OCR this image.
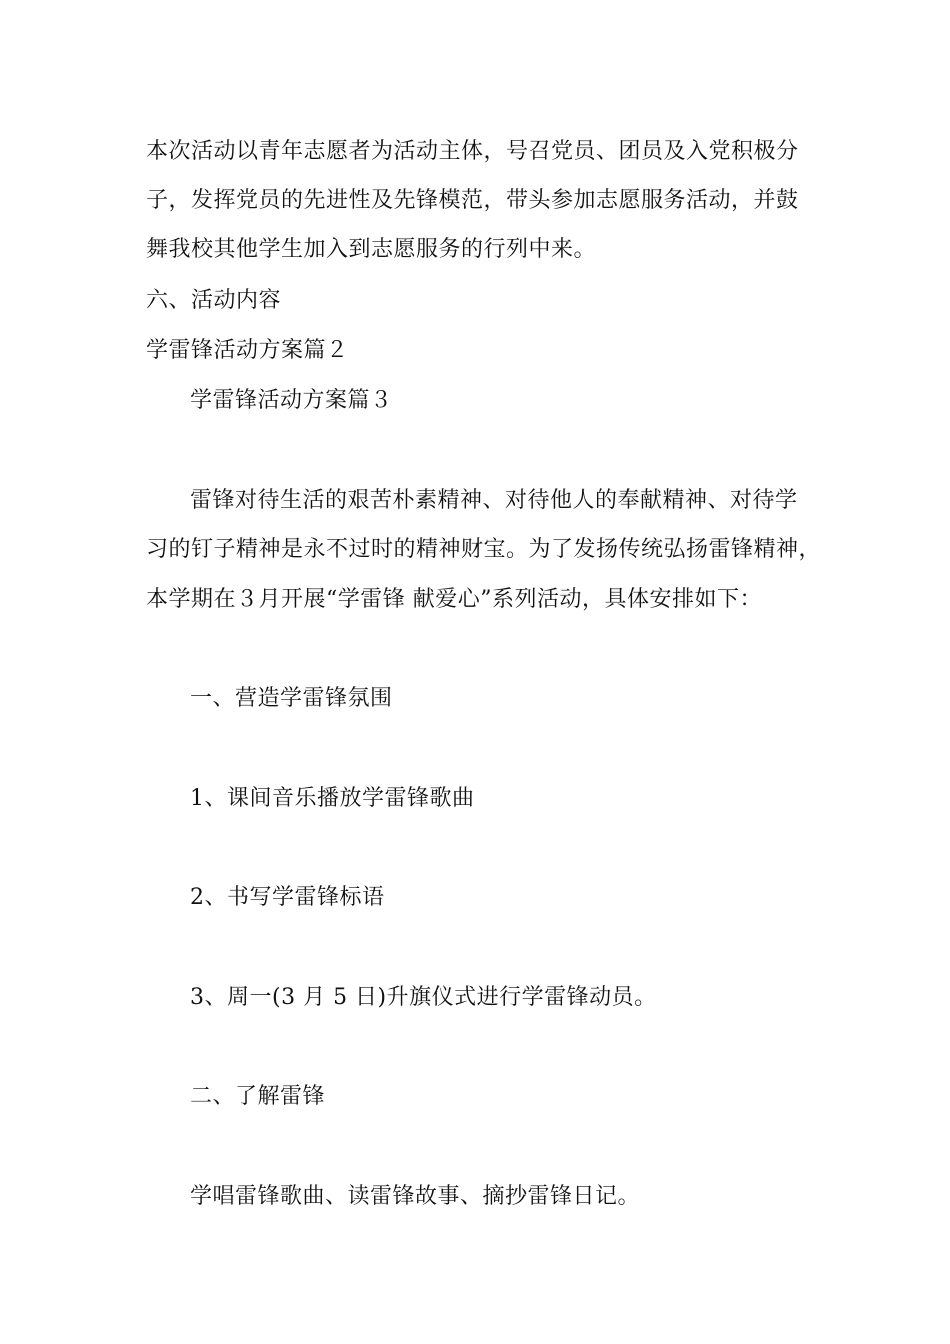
本次活动以青年志愿者为活动主体，号召党员、团员及入党积极分
子，发挥党员的先进性及先锋模范，带头参加志愿服务活动，并鼓
舞我校其他学生加入到志愿服务的行列中来。
六、活动内容
学雷锋活动方案篇２
学雷锋活动方案篇３
雷锋对待生活的艰苦朴素精神、对待他人的奉献精神、对待学
习的钉子精神是永不过时的精神财宝。为了发扬传统弘扬雷锋精神，
本学期在３月开展“学雷锋 献爱心”系列活动，具体安排如下：
一、营造学雷锋氛围
1、课间音乐播放学雷锋歌曲
2、书写学雷锋标语
3、周一(3 月 5 日)升旗仪式进行学雷锋动员。
二、了解雷锋
学唱雷锋歌曲、读雷锋故事、摘抄雷锋日记。
